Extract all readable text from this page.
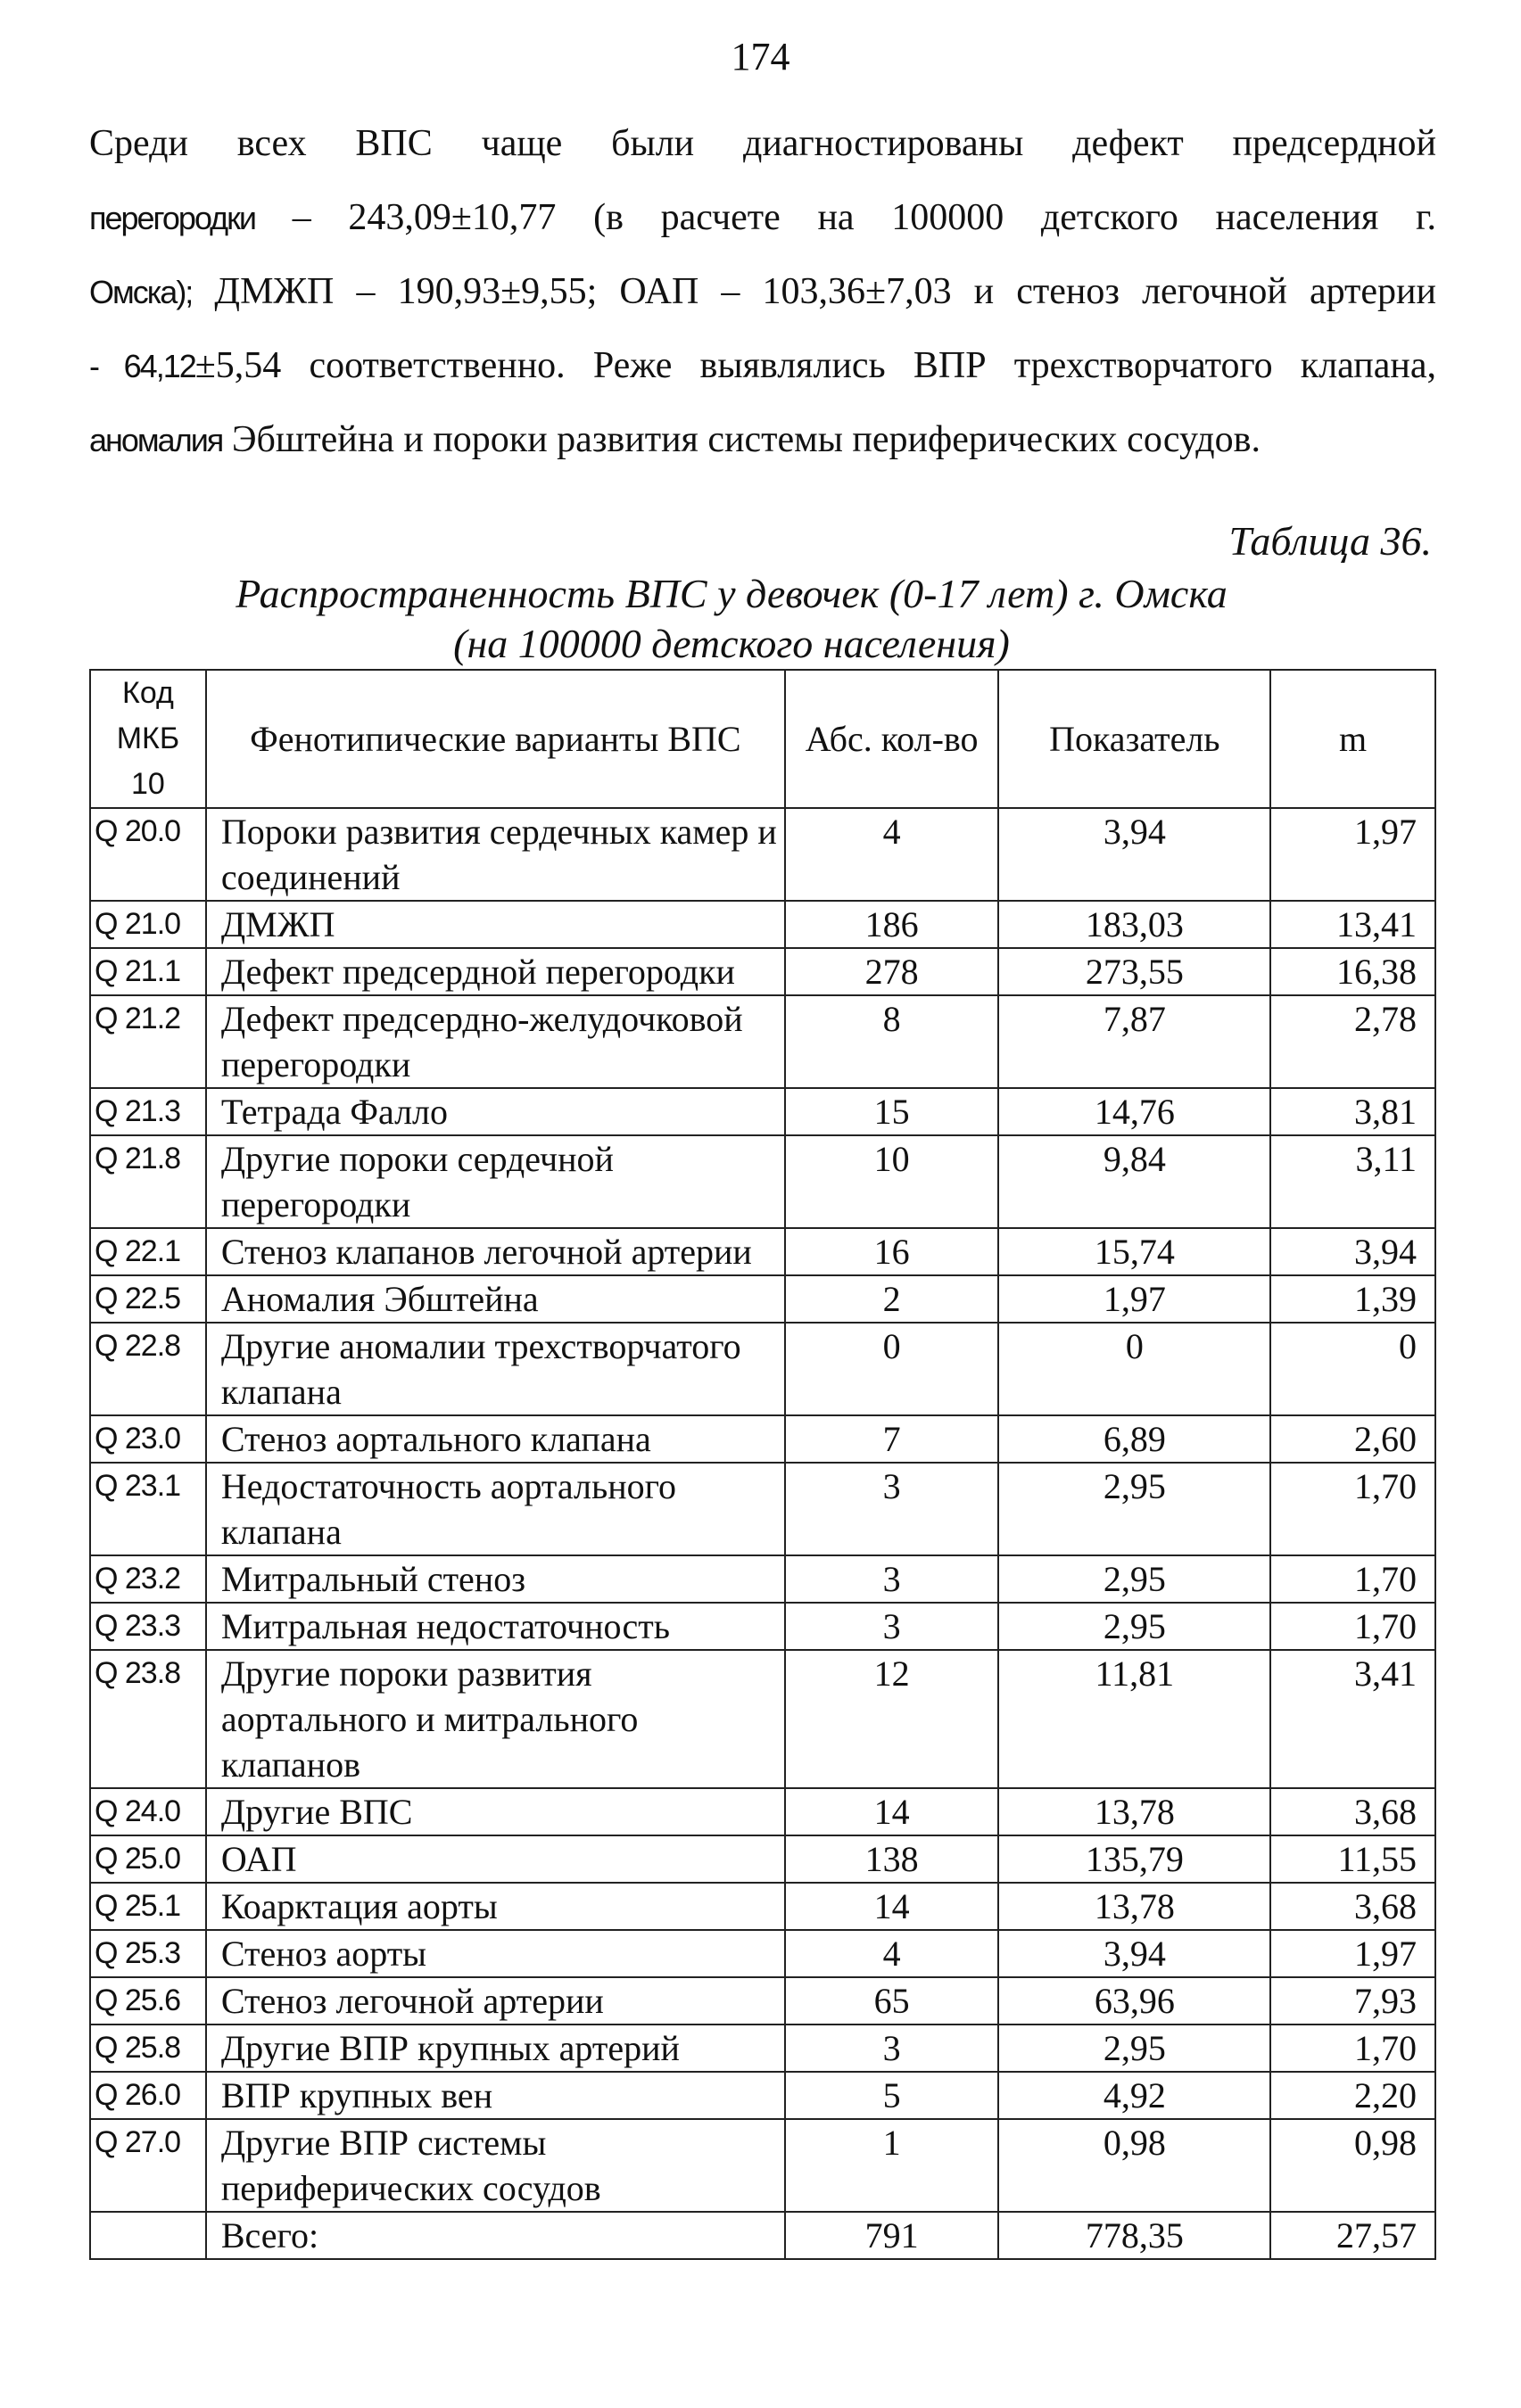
174

Среди всех ВПС чаще были диагностированы дефект предсердной
перегородки – 243,09±10,77 (в расчете на 100000 детского населения г.
Омска); ДМЖП – 190,93±9,55; ОАП – 103,36±7,03 и стеноз легочной артерии
- 64,12±5,54 соответственно. Реже выявлялись ВПР трехстворчатого клапана,
аномалия Эбштейна и пороки развития системы периферических сосудов.

Таблица 36.
Распространенность ВПС у девочек (0-17 лет) г. Омска
(на 100000 детского населения)
Код МКБ 10	Фенотипические варианты ВПС	Абс. кол-во	Показатель	m
Q 20.0	Пороки развития сердечных камер и соединений	4	3,94	1,97
Q 21.0	ДМЖП	186	183,03	13,41
Q 21.1	Дефект предсердной перегородки	278	273,55	16,38
Q 21.2	Дефект предсердно-желудочковой перегородки	8	7,87	2,78
Q 21.3	Тетрада Фалло	15	14,76	3,81
Q 21.8	Другие пороки сердечной перегородки	10	9,84	3,11
Q 22.1	Стеноз клапанов легочной артерии	16	15,74	3,94
Q 22.5	Аномалия Эбштейна	2	1,97	1,39
Q 22.8	Другие аномалии трехстворчатого клапана	0	0	0
Q 23.0	Стеноз аортального клапана	7	6,89	2,60
Q 23.1	Недостаточность аортального клапана	3	2,95	1,70
Q 23.2	Митральный стеноз	3	2,95	1,70
Q 23.3	Митральная недостаточность	3	2,95	1,70
Q 23.8	Другие пороки развития аортального и митрального клапанов	12	11,81	3,41
Q 24.0	Другие ВПС	14	13,78	3,68
Q 25.0	ОАП	138	135,79	11,55
Q 25.1	Коарктация аорты	14	13,78	3,68
Q 25.3	Стеноз аорты	4	3,94	1,97
Q 25.6	Стеноз легочной артерии	65	63,96	7,93
Q 25.8	Другие ВПР крупных артерий	3	2,95	1,70
Q 26.0	ВПР крупных вен	5	4,92	2,20
Q 27.0	Другие ВПР системы периферических сосудов	1	0,98	0,98
	Всего:	791	778,35	27,57
